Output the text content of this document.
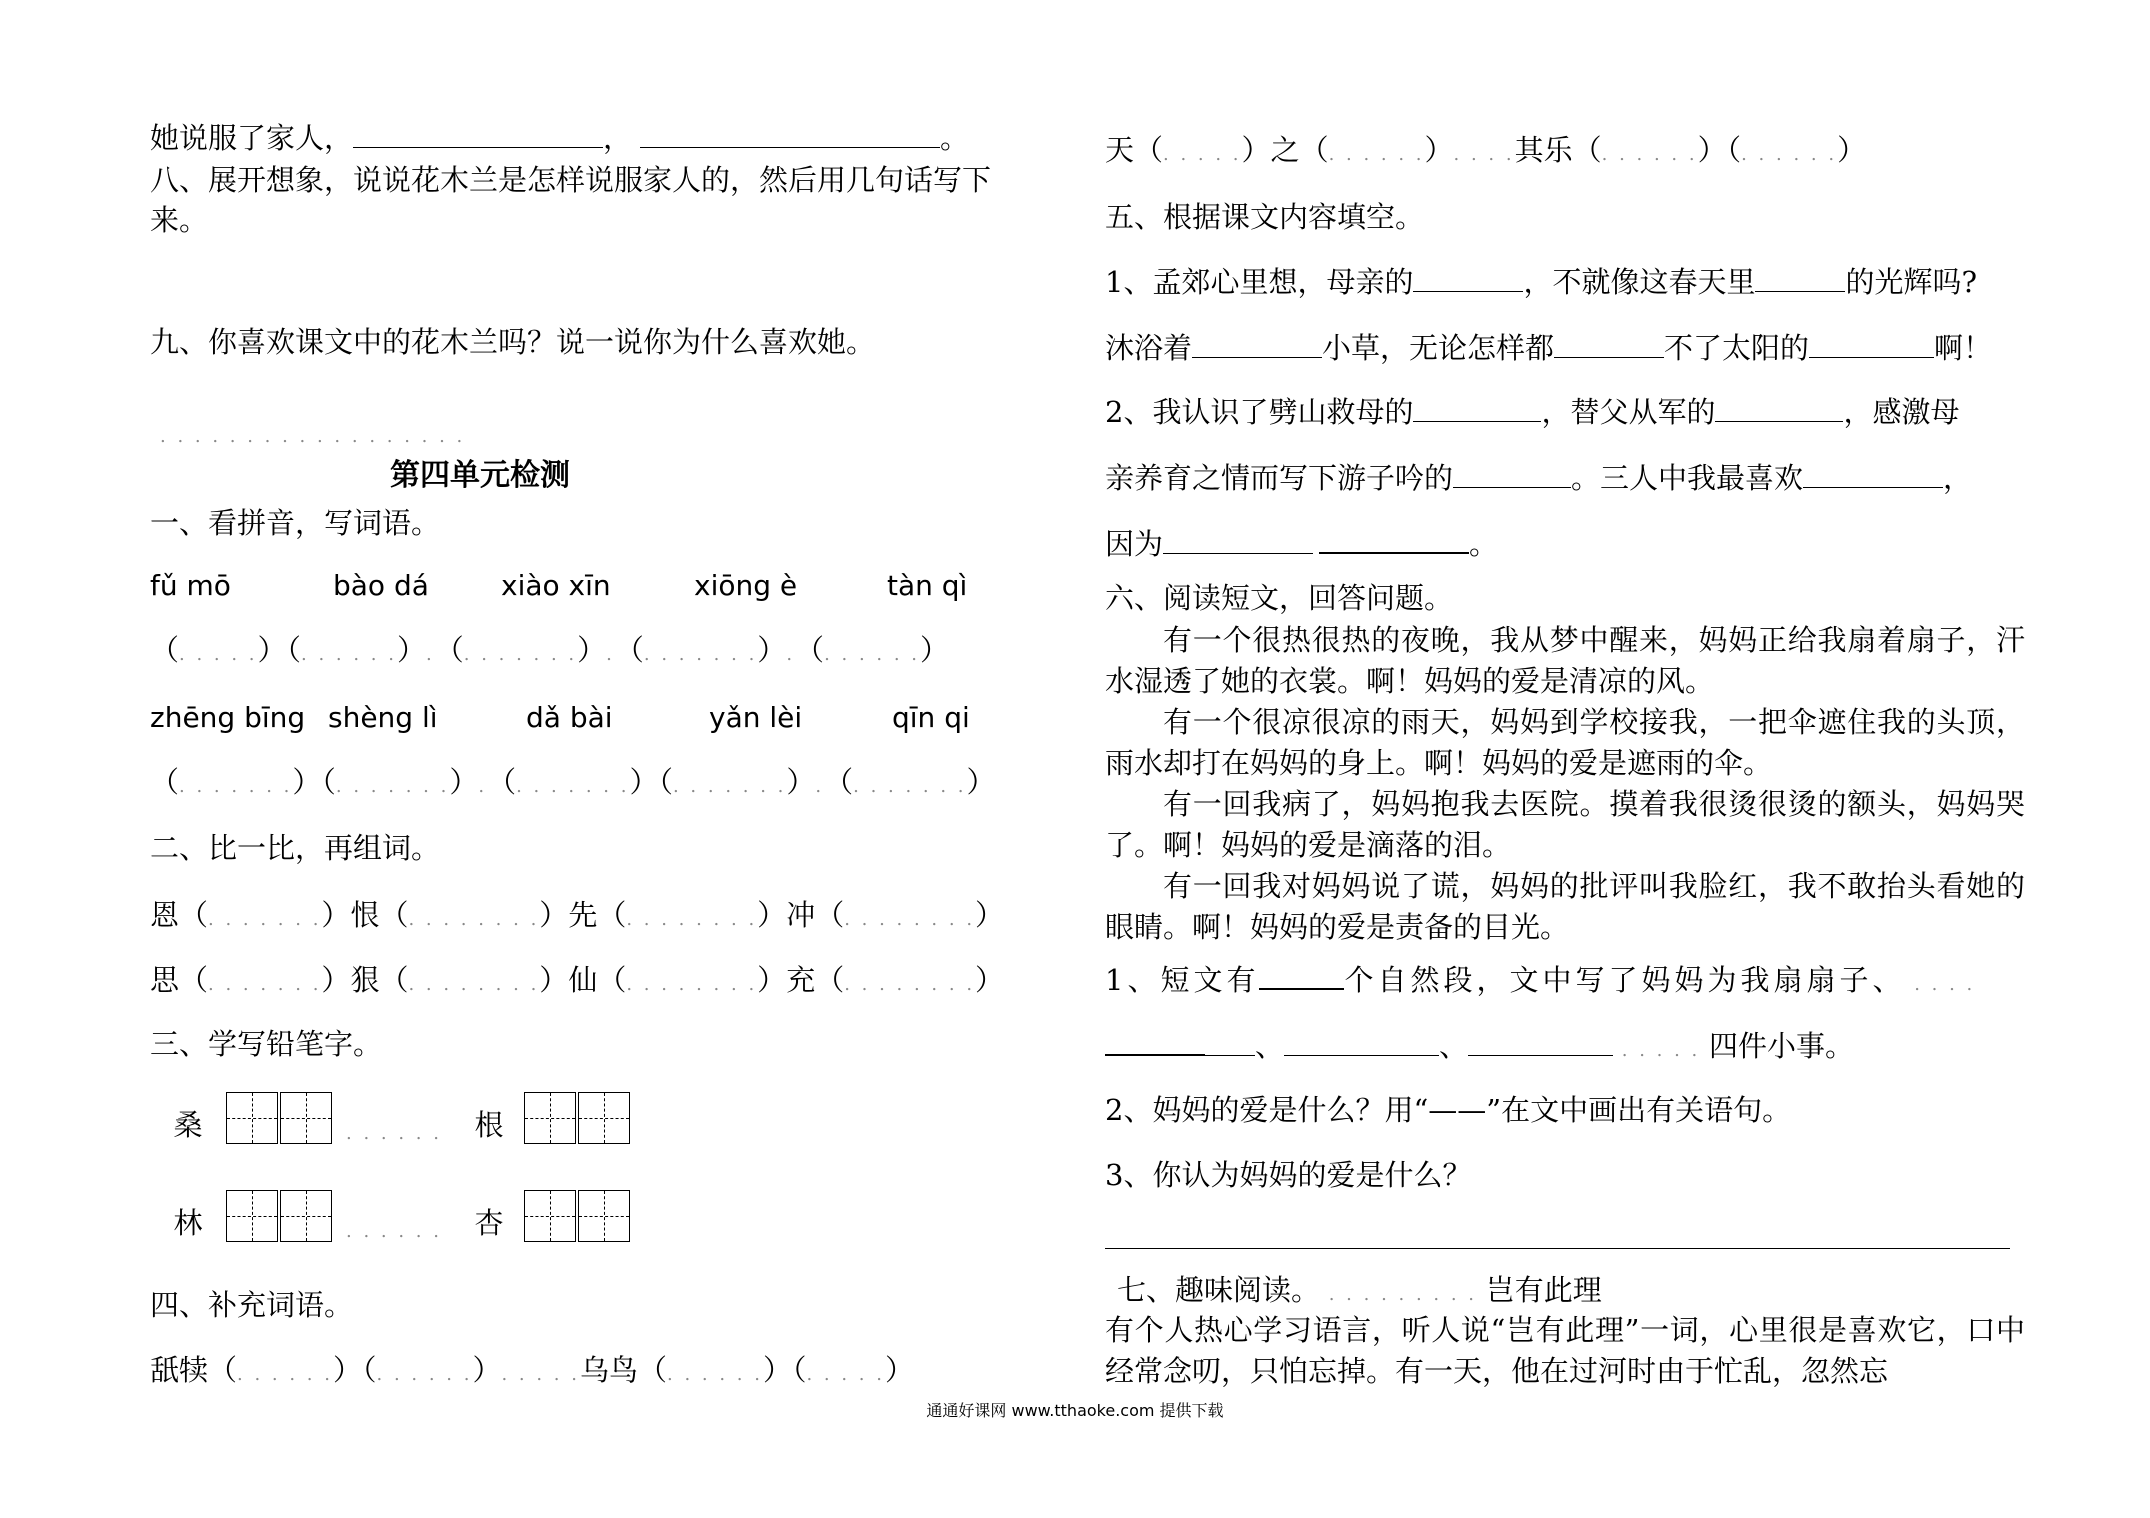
她说服了家人，	，	。
八、展开想象，说说花木兰是怎样说服家人的，然后用几句话写下
来。
九、你喜欢课文中的花木兰吗？说一说你为什么喜欢她。
. . . . . . . . . . . . . . . . . .
第四单元检测
一、看拼音，写词语。
fǔ mō	bào dá	xiào xīn	xiōng è	tàn qì
（. . . . .）（. . . . . .）.（. . . . . . .）.（. . . . . . .）.（. . . . . .）
zhēng bīng shèng lì	dǎ bài	yǎn lèi	qīn qi
（. . . . . . .）（. . . . . . .）.（. . . . . . .）（. . . . . . .）.（. . . . . . .）
二、比一比，再组词。
恩（. . . . . . .）恨（. . . . . . . .）先（. . . . . . . .）冲（. . . . . . . .）
思（. . . . . . .）狠（. . . . . . . .）仙（. . . . . . . .）充（. . . . . . . .）
三、学写铅笔字。
桑	. . . . . .	根
林	. . . . . .	杏
四、补充词语。
舐犊（. . . . . .）（. . . . . .）. . . . .乌鸟（. . . . . .）（. . . . .）
天（. . . . .）之（. . . . . .）. . . .其乐（. . . . . .）（. . . . . .）
五、根据课文内容填空。
1、孟郊心里想，母亲的	，不就像这春天里	的光辉吗?
沐浴着	小草，无论怎样都	不了太阳的	啊！
2、我认识了劈山救母的	，替父从军的	，感激母
亲养育之情而写下游子吟的	。三人中我最喜欢	，
因为	。
六、阅读短文，回答问题。
有一个很热很热的夜晚，我从梦中醒来，妈妈正给我扇着扇子，汗水湿透了她的衣裳。啊！妈妈的爱是清凉的风。
有一个很凉很凉的雨天，妈妈到学校接我，一把伞遮住我的头顶，雨水却打在妈妈的身上。啊！妈妈的爱是遮雨的伞。
有一回我病了，妈妈抱我去医院。摸着我很烫很烫的额头，妈妈哭了。啊！妈妈的爱是滴落的泪。
有一回我对妈妈说了谎，妈妈的批评叫我脸红，我不敢抬头看她的眼睛。啊！妈妈的爱是责备的目光。
1、短文有	个自然段，文中写了妈妈为我扇扇子、 . . . .
、	、	. . . . . 四件小事。
2、妈妈的爱是什么？用“——”在文中画出有关语句。
3、你认为妈妈的爱是什么？
七、趣味阅读。 . . . . . . . . . 岂有此理
有个人热心学习语言，听人说“岂有此理”一词，心里很是喜欢它，口中经常念叨，只怕忘掉。有一天，他在过河时由于忙乱，忽然忘
通通好课网 www.tthaoke.com 提供下载
